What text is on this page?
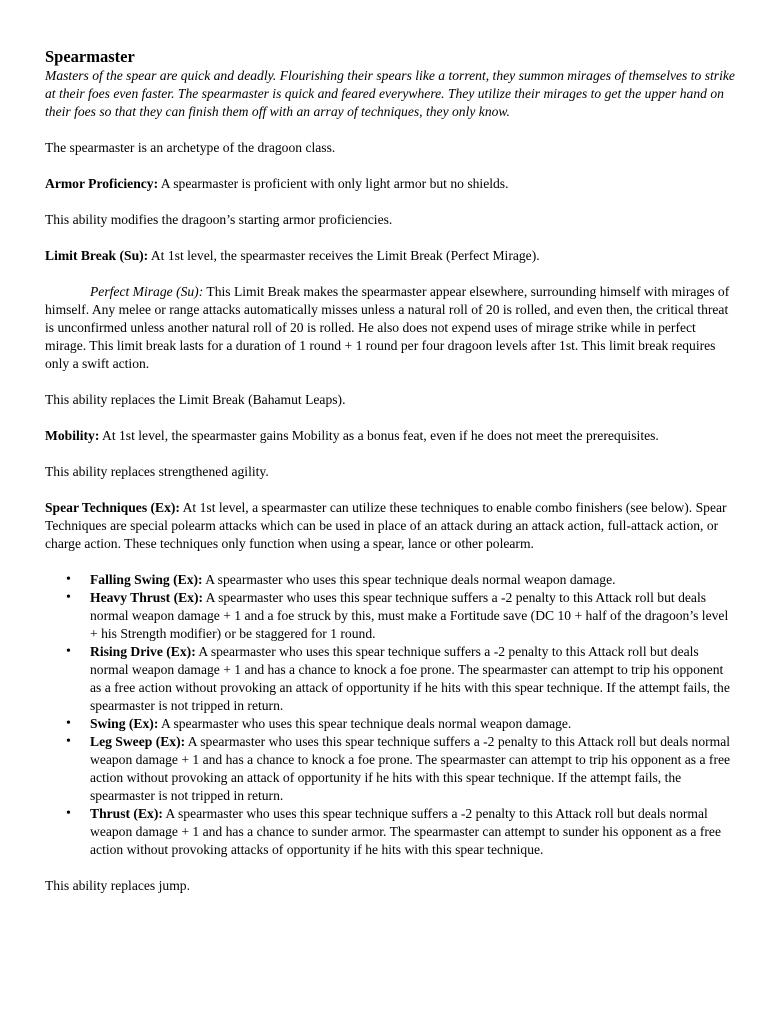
Spearmaster

Masters of the spear are quick and deadly. Flourishing their spears like a torrent, they summon mirages of themselves to strike at their foes even faster. The spearmaster is quick and feared everywhere. They utilize their mirages to get the upper hand on their foes so that they can finish them off with an array of techniques, they only know.

The spearmaster is an archetype of the dragoon class.

Armor Proficiency: A spearmaster is proficient with only light armor but no shields.

This ability modifies the dragoon’s starting armor proficiencies.

Limit Break (Su): At 1st level, the spearmaster receives the Limit Break (Perfect Mirage).

Perfect Mirage (Su): This Limit Break makes the spearmaster appear elsewhere, surrounding himself with mirages of himself. Any melee or range attacks automatically misses unless a natural roll of 20 is rolled, and even then, the critical threat is unconfirmed unless another natural roll of 20 is rolled. He also does not expend uses of mirage strike while in perfect mirage. This limit break lasts for a duration of 1 round + 1 round per four dragoon levels after 1st. This limit break requires only a swift action.

This ability replaces the Limit Break (Bahamut Leaps).

Mobility: At 1st level, the spearmaster gains Mobility as a bonus feat, even if he does not meet the prerequisites.

This ability replaces strengthened agility.

Spear Techniques (Ex): At 1st level, a spearmaster can utilize these techniques to enable combo finishers (see below). Spear Techniques are special polearm attacks which can be used in place of an attack during an attack action, full-attack action, or charge action. These techniques only function when using a spear, lance or other polearm.

• Falling Swing (Ex): A spearmaster who uses this spear technique deals normal weapon damage.
• Heavy Thrust (Ex): A spearmaster who uses this spear technique suffers a -2 penalty to this Attack roll but deals normal weapon damage + 1 and a foe struck by this, must make a Fortitude save (DC 10 + half of the dragoon’s level + his Strength modifier) or be staggered for 1 round.
• Rising Drive (Ex): A spearmaster who uses this spear technique suffers a -2 penalty to this Attack roll but deals normal weapon damage + 1 and has a chance to knock a foe prone. The spearmaster can attempt to trip his opponent as a free action without provoking an attack of opportunity if he hits with this spear technique. If the attempt fails, the spearmaster is not tripped in return.
• Swing (Ex): A spearmaster who uses this spear technique deals normal weapon damage.
• Leg Sweep (Ex): A spearmaster who uses this spear technique suffers a -2 penalty to this Attack roll but deals normal weapon damage + 1 and has a chance to knock a foe prone. The spearmaster can attempt to trip his opponent as a free action without provoking an attack of opportunity if he hits with this spear technique. If the attempt fails, the spearmaster is not tripped in return.
• Thrust (Ex): A spearmaster who uses this spear technique suffers a -2 penalty to this Attack roll but deals normal weapon damage + 1 and has a chance to sunder armor. The spearmaster can attempt to sunder his opponent as a free action without provoking attacks of opportunity if he hits with this spear technique.

This ability replaces jump.
